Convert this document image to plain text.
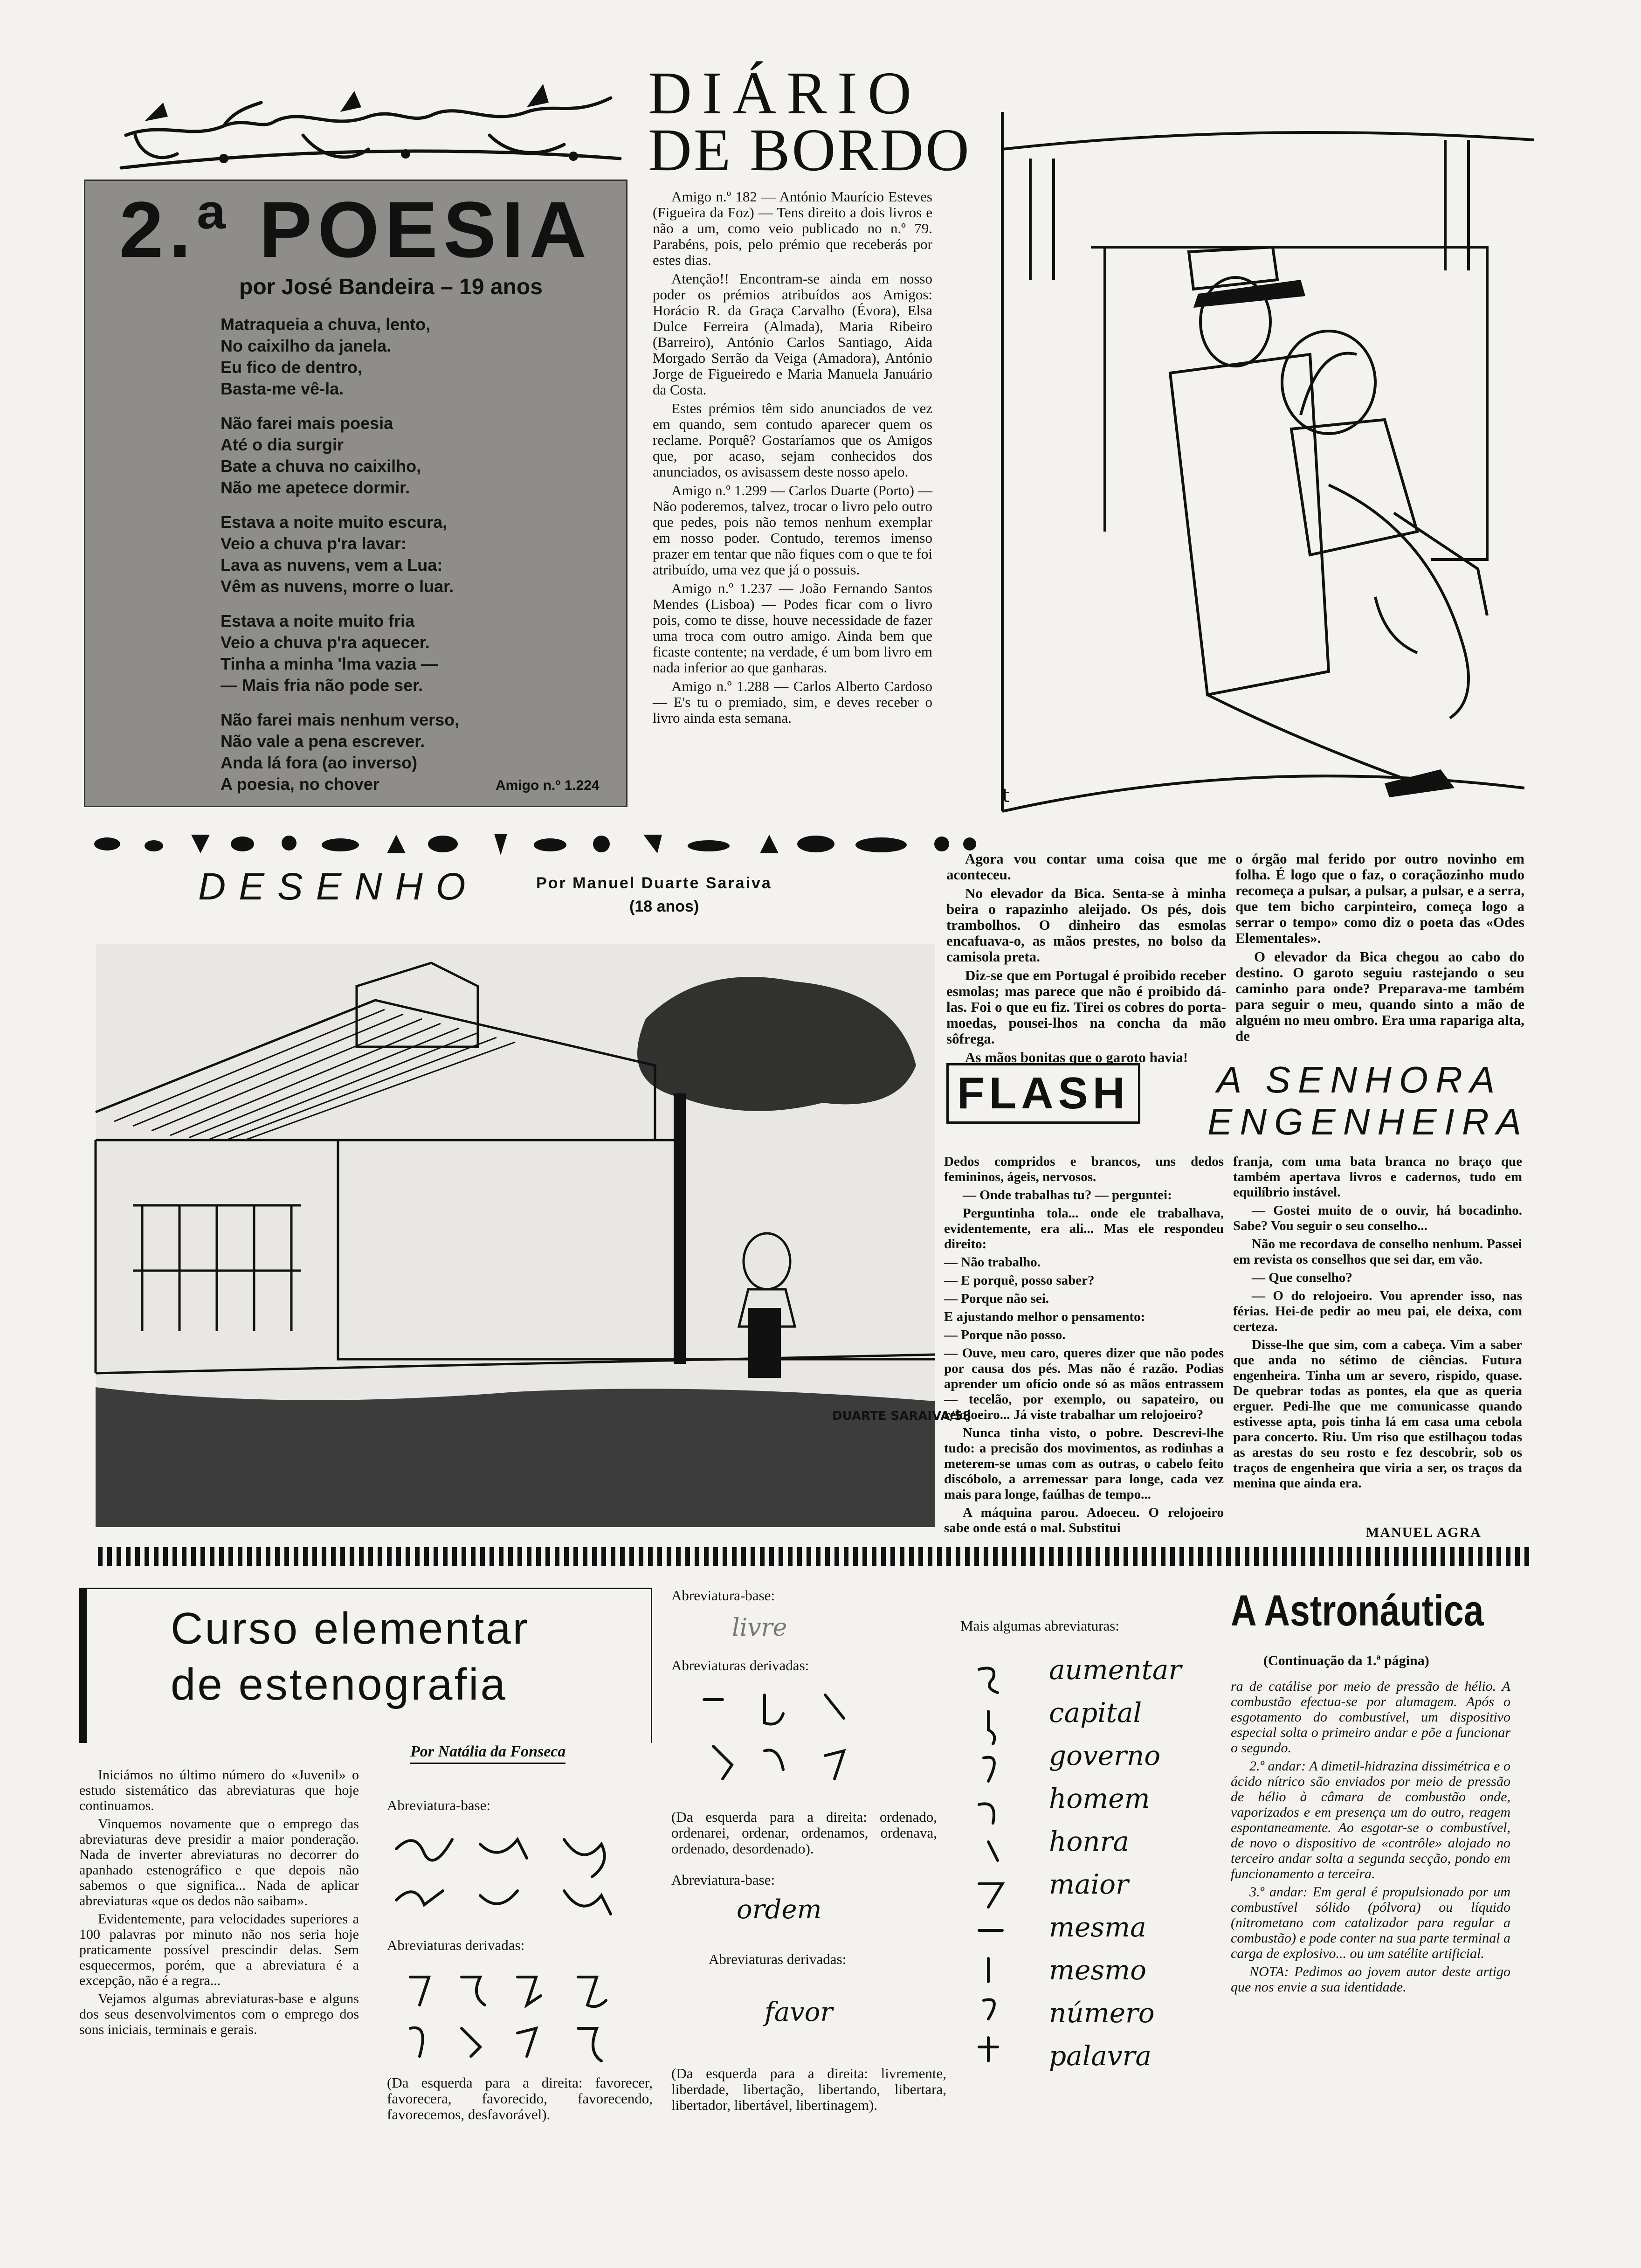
DIÁRIO
DE BORDO
2.ª POESIA
por José Bandeira – 19 anos
Matraqueia a chuva, lento,
No caixilho da janela.
Eu fico de dentro,
Basta-me vê-la.
Não farei mais poesia
Até o dia surgir
Bate a chuva no caixilho,
Não me apetece dormir.
Estava a noite muito escura,
Veio a chuva p'ra lavar:
Lava as nuvens, vem a Lua:
Vêm as nuvens, morre o luar.
Estava a noite muito fria
Veio a chuva p'ra aquecer.
Tinha a minha 'lma vazia —
— Mais fria não pode ser.
Não farei mais nenhum verso,
Não vale a pena escrever.
Anda lá fora (ao inverso)
A poesia, no chover	Amigo n.º 1.224

Amigo n.º 182 — António Maurício Esteves (Figueira da Foz) — Tens direito a dois livros e não a um, como veio publicado no n.º 79. Parabéns, pois, pelo prémio que receberás por estes dias.

Atenção!! Encontram-se ainda em nosso poder os prémios atribuídos aos Amigos: Horácio R. da Graça Carvalho (Évora), Elsa Dulce Ferreira (Almada), Maria Ribeiro (Barreiro), António Carlos Santiago, Aida Morgado Serrão da Veiga (Amadora), António Jorge de Figueiredo e Maria Manuela Januário da Costa.

Estes prémios têm sido anunciados de vez em quando, sem contudo aparecer quem os reclame. Porquê? Gostaríamos que os Amigos que, por acaso, sejam conhecidos dos anunciados, os avisassem deste nosso apelo.

Amigo n.º 1.299 — Carlos Duarte (Porto) — Não poderemos, talvez, trocar o livro pelo outro que pedes, pois não temos nenhum exemplar em nosso poder. Contudo, teremos imenso prazer em tentar que não fiques com o que te foi atribuído, uma vez que já o possuis.

Amigo n.º 1.237 — João Fernando Santos Mendes (Lisboa) — Podes ficar com o livro pois, como te disse, houve necessidade de fazer uma troca com outro amigo. Ainda bem que ficaste contente; na verdade, é um bom livro em nada inferior ao que ganharas.

Amigo n.º 1.288 — Carlos Alberto Cardoso — E's tu o premiado, sim, e deves receber o livro ainda esta semana.

t
DESENHO	Por Manuel Duarte Saraiva
(18 anos)
DUARTE SARAIVA/58

Agora vou contar uma coisa que me aconteceu.

No elevador da Bica. Senta-se à minha beira o rapazinho aleijado. Os pés, dois trambolhos. O dinheiro das esmolas encafuava-o, as mãos prestes, no bolso da camisola preta.

Diz-se que em Portugal é proibido receber esmolas; mas parece que não é proibido dá-las. Foi o que eu fiz. Tirei os cobres do porta-moedas, pousei-lhos na concha da mão sôfrega.

As mãos bonitas que o garoto havia!

o órgão mal ferido por outro novinho em folha. É logo que o faz, o coraçãozinho mudo recomeça a pulsar, a pulsar, a pulsar, e a serra, que tem bicho carpinteiro, começa logo a serrar o tempo» como diz o poeta das «Odes Elementales».

O elevador da Bica chegou ao cabo do destino. O garoto seguiu rastejando o seu caminho para onde? Preparava-me também para seguir o meu, quando sinto a mão de alguém no meu ombro. Era uma rapariga alta, de

FLASH A SENHORA
ENGENHEIRA

Dedos compridos e brancos, uns dedos femininos, ágeis, nervosos.

— Onde trabalhas tu? — perguntei:

Perguntinha tola... onde ele trabalhava, evidentemente, era ali... Mas ele respondeu direito:

— Não trabalho.

— E porquê, posso saber?

— Porque não sei.

E ajustando melhor o pensamento:

— Porque não posso.

— Ouve, meu caro, queres dizer que não podes por causa dos pés. Mas não é razão. Podias aprender um ofício onde só as mãos entrassem — tecelão, por exemplo, ou sapateiro, ou relojoeiro... Já viste trabalhar um relojoeiro?

Nunca tinha visto, o pobre. Descrevi-lhe tudo: a precisão dos movimentos, as rodinhas a meterem-se umas com as outras, o cabelo feito discóbolo, a arremessar para longe, cada vez mais para longe, faúlhas de tempo...

A máquina parou. Adoeceu. O relojoeiro sabe onde está o mal. Substitui

franja, com uma bata branca no braço que também apertava livros e cadernos, tudo em equilíbrio instável.

— Gostei muito de o ouvir, há bocadinho. Sabe? Vou seguir o seu conselho...

Não me recordava de conselho nenhum. Passei em revista os conselhos que sei dar, em vão.

— Que conselho?

— O do relojoeiro. Vou aprender isso, nas férias. Hei-de pedir ao meu pai, ele deixa, com certeza.

Disse-lhe que sim, com a cabeça. Vim a saber que anda no sétimo de ciências. Futura engenheira. Tinha um ar severo, rispido, quase. De quebrar todas as pontes, ela que as queria erguer. Pedi-lhe que me comunicasse quando estivesse apta, pois tinha lá em casa uma cebola para concerto. Riu. Um riso que estilhaçou todas as arestas do seu rosto e fez descobrir, sob os traços de engenheira que viria a ser, os traços da menina que ainda era.

MANUEL AGRA
Curso elementar
de estenografia
Por Natália da Fonseca

Iniciámos no último número do «Juvenil» o estudo sistemático das abreviaturas que hoje continuamos.

Vinquemos novamente que o emprego das abreviaturas deve presidir a maior ponderação. Nada de inverter abreviaturas no decorrer do apanhado estenográfico e que depois não sabemos o que significa... Nada de aplicar abreviaturas «que os dedos não saibam».

Evidentemente, para velocidades superiores a 100 palavras por minuto não nos seria hoje praticamente possível prescindir delas. Sem esquecermos, porém, que a abreviatura é a excepção, não é a regra...

Vejamos algumas abreviaturas-base e alguns dos seus desenvolvimentos com o emprego dos sons iniciais, terminais e gerais.

Abreviatura-base:
Abreviaturas derivadas:
(Da esquerda para a direita: favorecer, favorecera, favorecido, favorecendo, favorecemos, desfavorável).
Abreviatura-base:
livre
Abreviaturas derivadas:
(Da esquerda para a direita: ordenado, ordenarei, ordenar, ordenamos, ordenava, ordenado, desordenado).
Abreviatura-base:
ordem
Abreviaturas derivadas:
favor
(Da esquerda para a direita: livremente, liberdade, libertação, libertando, libertara, libertador, libertável, libertinagem).
Mais algumas abreviaturas:
aumentar
capital
governo
homem
honra
maior
mesma
mesmo
número
palavra
A Astronáutica
(Continuação da 1.ª página)

ra de catálise por meio de pressão de hélio. A combustão efectua-se por alumagem. Após o esgotamento do combustível, um dispositivo especial solta o primeiro andar e põe a funcionar o segundo.

2.º andar: A dimetil-hidrazina dissimétrica e o ácido nítrico são enviados por meio de pressão de hélio à câmara de combustão onde, vaporizados e em presença um do outro, reagem espontaneamente. Ao esgotar-se o combustível, de novo o dispositivo de «contrôle» alojado no terceiro andar solta a segunda secção, pondo em funcionamento a terceira.

3.º andar: Em geral é propulsionado por um combustível sólido (pólvora) ou líquido (nitrometano com catalizador para regular a combustão) e pode conter na sua parte terminal a carga de explosivo... ou um satélite artificial.

NOTA: Pedimos ao jovem autor deste artigo que nos envie a sua identidade.
